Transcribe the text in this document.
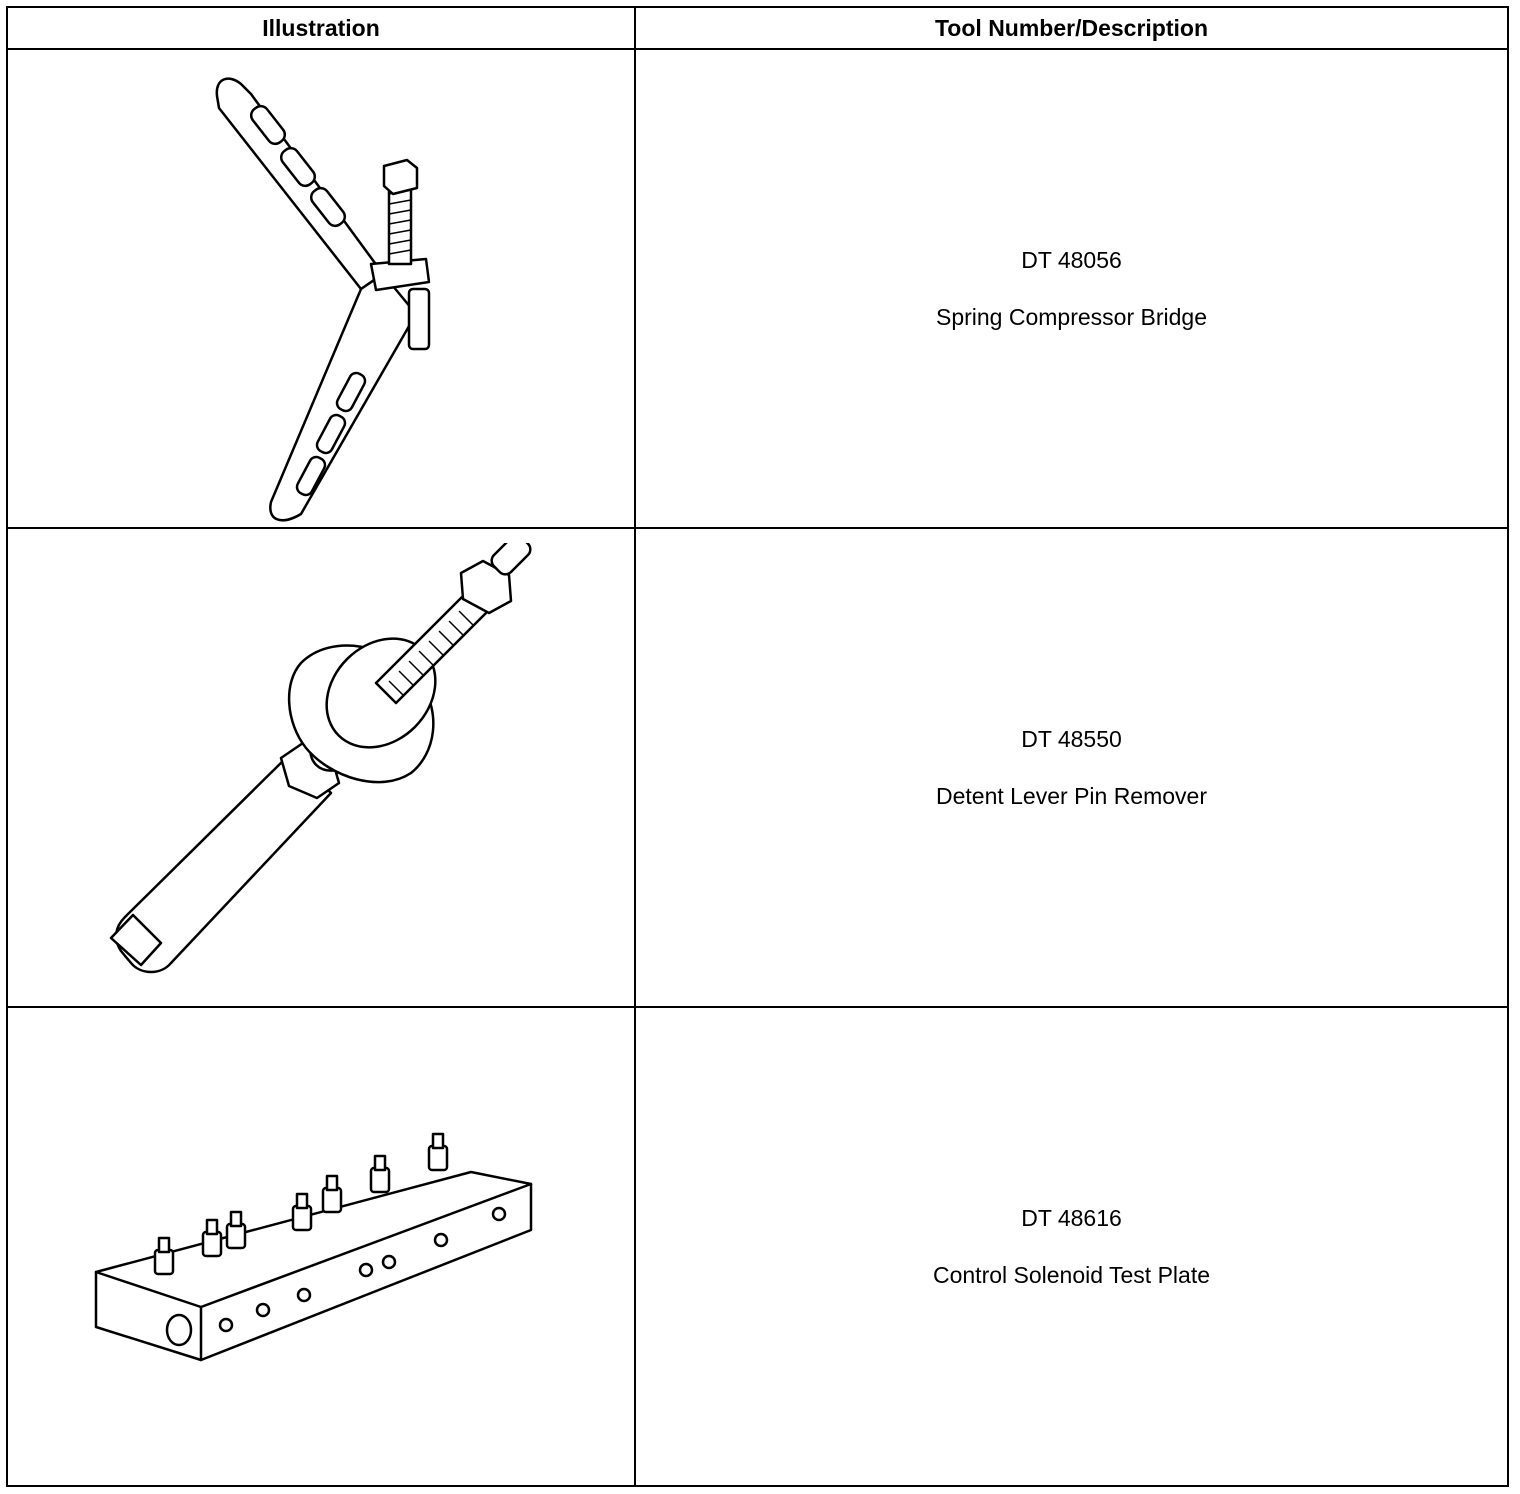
Illustration	Tool Number/Description

DT 48056
Spring Compressor Bridge

DT 48550
Detent Lever Pin Remover

DT 48616
Control Solenoid Test Plate
